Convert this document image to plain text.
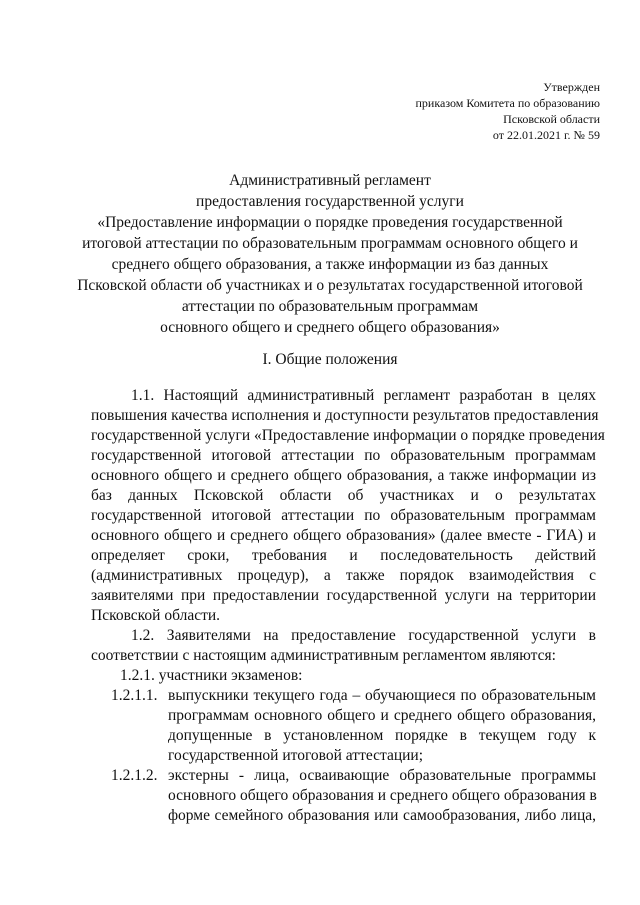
Утвержден
приказом Комитета по образованию
Псковской области
от 22.01.2021 г. № 59
Административный регламент
предоставления государственной услуги
«Предоставление информации о порядке проведения государственной
итоговой аттестации по образовательным программам основного общего и
среднего общего образования, а также информации из баз данных
Псковской области об участниках и о результатах государственной итоговой
аттестации по образовательным программам
основного общего и среднего общего образования»
I. Общие положения
1.1. Настоящий административный регламент разработан в целях
повышения качества исполнения и доступности результатов предоставления
государственной услуги «Предоставление информации о порядке проведения
государственной итоговой аттестации по образовательным программам
основного общего и среднего общего образования, а также информации из
баз данных Псковской области об участниках и о результатах
государственной итоговой аттестации по образовательным программам
основного общего и среднего общего образования» (далее вместе - ГИА) и
определяет сроки, требования и последовательность действий
(административных процедур), а также порядок взаимодействия с
заявителями при предоставлении государственной услуги на территории
Псковской области.
1.2. Заявителями на предоставление государственной услуги в
соответствии с настоящим административным регламентом являются:
1.2.1. участники экзаменов:
1.2.1.1. выпускники текущего года – обучающиеся по образовательным
программам основного общего и среднего общего образования,
допущенные в установленном порядке в текущем году к
государственной итоговой аттестации;
1.2.1.2. экстерны - лица, осваивающие образовательные программы
основного общего образования и среднего общего образования в
форме семейного образования или самообразования, либо лица,
